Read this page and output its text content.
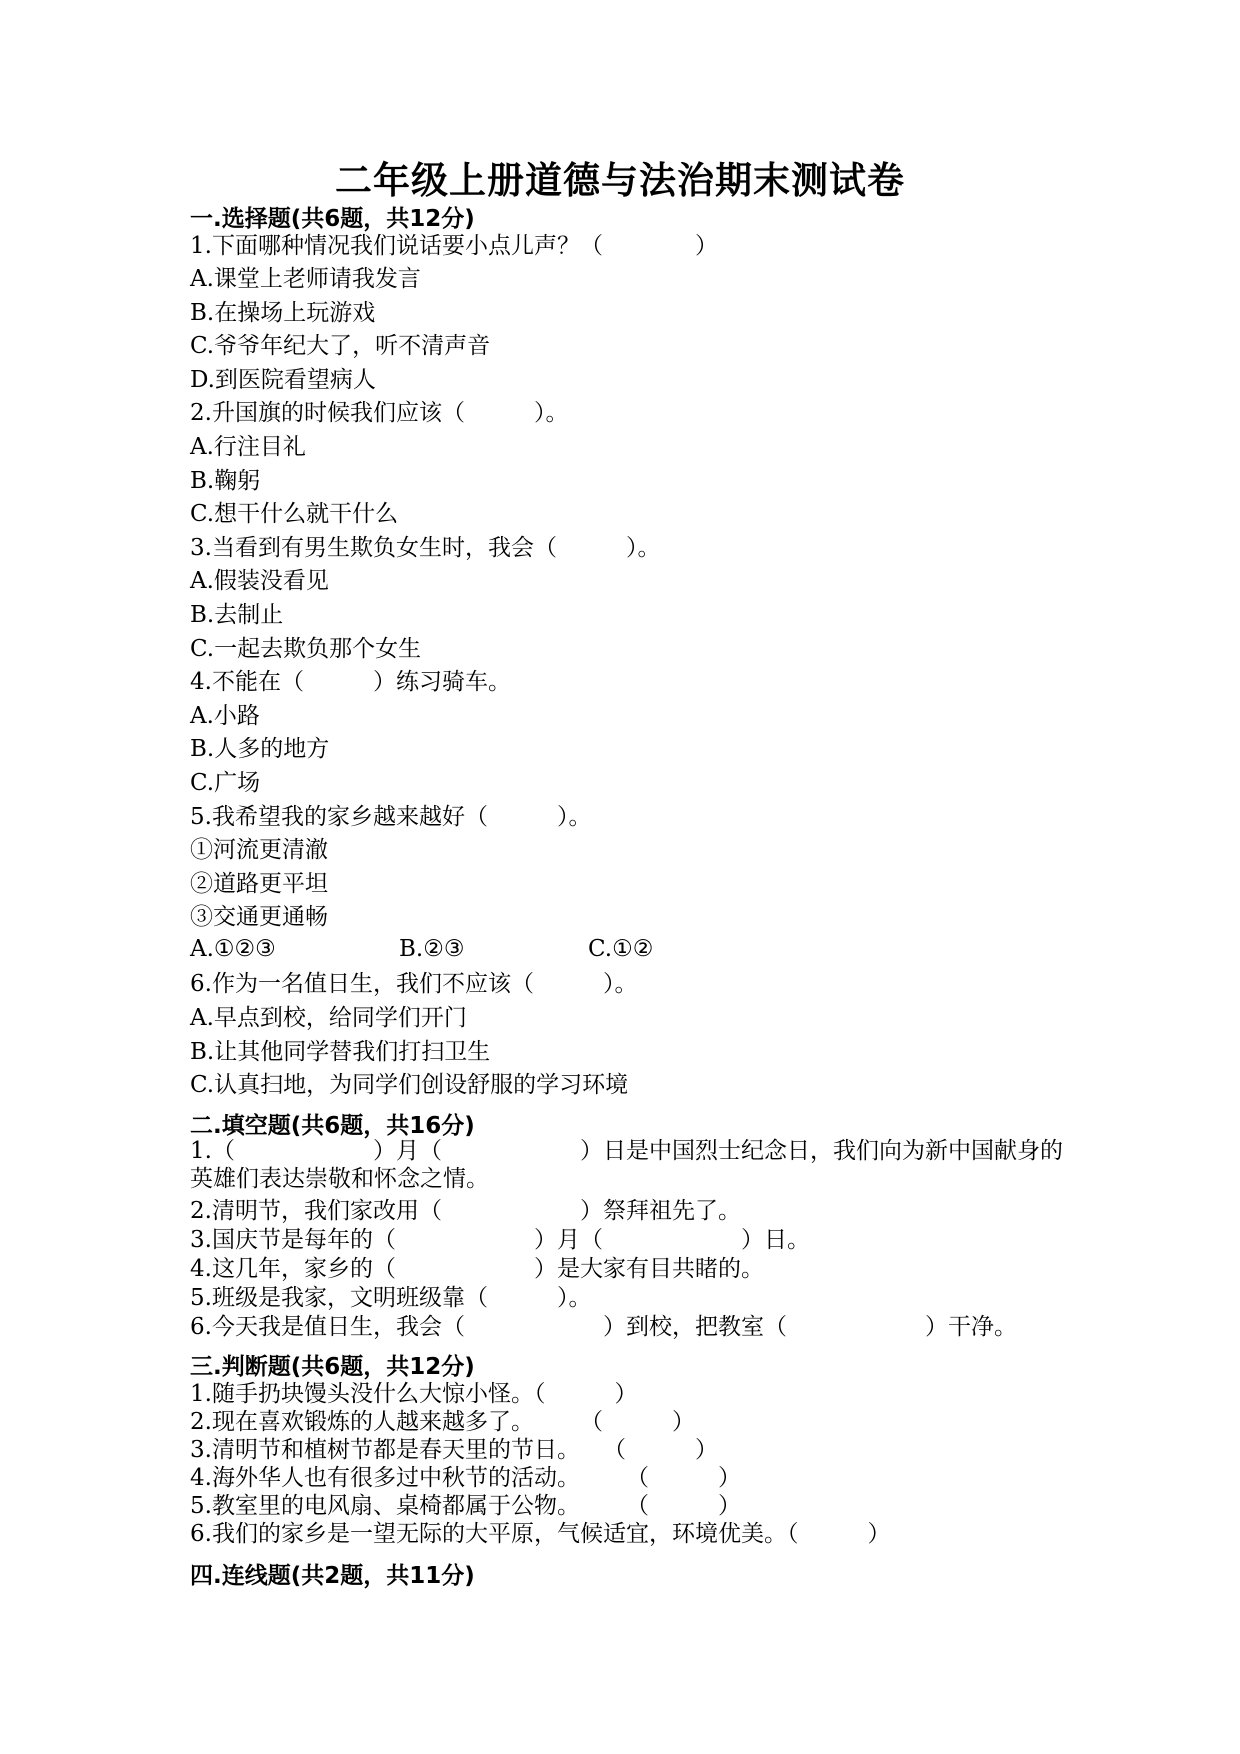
二年级上册道德与法治期末测试卷
一.选择题(共6题，共12分)
1.下面哪种情况我们说话要小点儿声？（　　　　）
A.课堂上老师请我发言
B.在操场上玩游戏
C.爷爷年纪大了，听不清声音
D.到医院看望病人
2.升国旗的时候我们应该（　　　）。
A.行注目礼
B.鞠躬
C.想干什么就干什么
3.当看到有男生欺负女生时，我会（　　　）。
A.假装没看见
B.去制止
C.一起去欺负那个女生
4.不能在（　　　）练习骑车。
A.小路
B.人多的地方
C.广场
5.我希望我的家乡越来越好（　　　）。
①河流更清澈
②道路更平坦
③交通更通畅
A.①②③	B.②③	C.①②
6.作为一名值日生，我们不应该（　　　）。
A.早点到校，给同学们开门
B.让其他同学替我们打扫卫生
C.认真扫地，为同学们创设舒服的学习环境
二.填空题(共6题，共16分)
1.（　　　　　　）月（　　　　　　）日是中国烈士纪念日，我们向为新中国献身的英雄们表达崇敬和怀念之情。
2.清明节，我们家改用（　　　　　　）祭拜祖先了。
3.国庆节是每年的（　　　　　　）月（　　　　　　）日。
4.这几年，家乡的（　　　　　　）是大家有目共睹的。
5.班级是我家，文明班级靠（　　　）。
6.今天我是值日生，我会（　　　　　　）到校，把教室（　　　　　　）干净。
三.判断题(共6题，共12分)
1.随手扔块馒头没什么大惊小怪。（　　　）
2.现在喜欢锻炼的人越来越多了。　　　（　　　）
3.清明节和植树节都是春天里的节日。　　（　　　）
4.海外华人也有很多过中秋节的活动。　　　（　　　）
5.教室里的电风扇、桌椅都属于公物。　　　（　　　）
6.我们的家乡是一望无际的大平原，气候适宜，环境优美。（　　　）
四.连线题(共2题，共11分)
